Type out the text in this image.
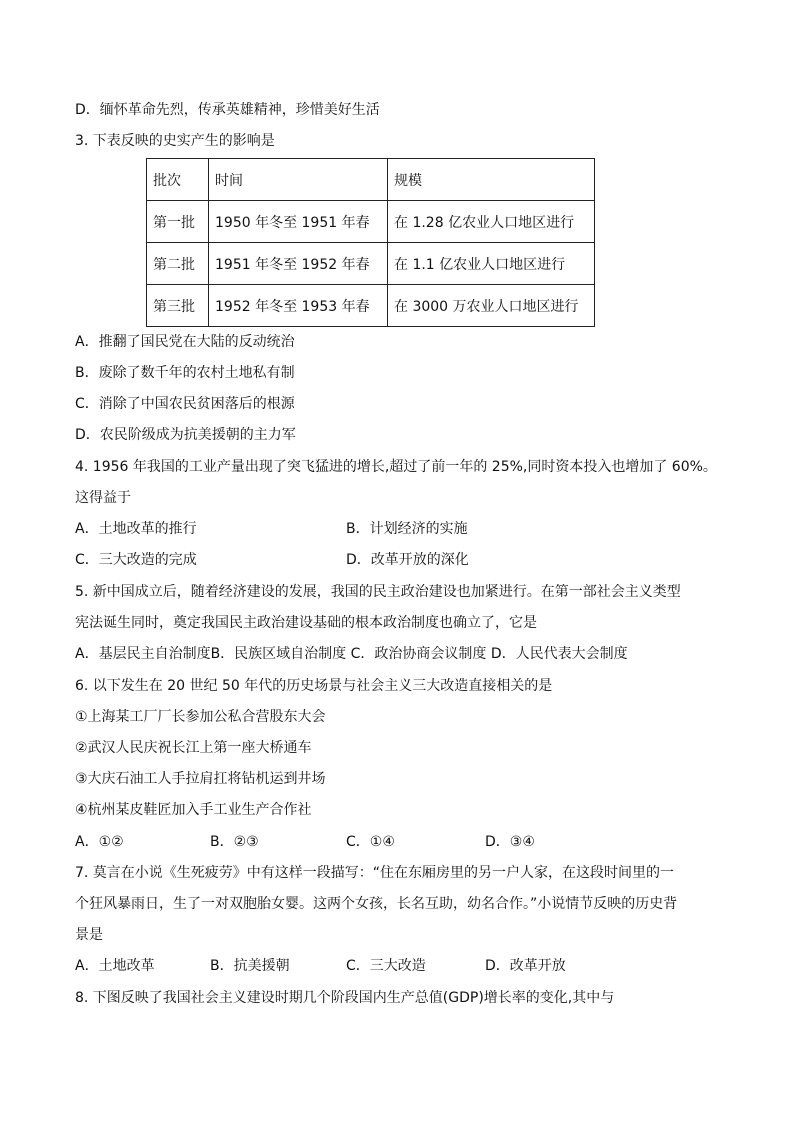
D．缅怀革命先烈，传承英雄精神，珍惜美好生活
3. 下表反映的史实产生的影响是
批次	时间	规模
第一批	1950 年冬至 1951 年春	在 1.28 亿农业人口地区进行
第二批	1951 年冬至 1952 年春	在 1.1 亿农业人口地区进行
第三批	1952 年冬至 1953 年春	在 3000 万农业人口地区进行
A．推翻了国民党在大陆的反动统治
B．废除了数千年的农村土地私有制
C．消除了中国农民贫困落后的根源
D．农民阶级成为抗美援朝的主力军
4. 1956 年我国的工业产量出现了突飞猛进的增长,超过了前一年的 25%,同时资本投入也增加了 60%。
这得益于
A．土地改革的推行	B．计划经济的实施
C．三大改造的完成	D．改革开放的深化
5. 新中国成立后，随着经济建设的发展，我国的民主政治建设也加紧进行。在第一部社会主义类型
宪法诞生同时，奠定我国民主政治建设基础的根本政治制度也确立了，它是
A．基层民主自治制度B．民族区域自治制度 C．政治协商会议制度 D．人民代表大会制度
6. 以下发生在 20 世纪 50 年代的历史场景与社会主义三大改造直接相关的是
①上海某工厂厂长参加公私合营股东大会
②武汉人民庆祝长江上第一座大桥通车
③大庆石油工人手拉肩扛将钻机运到井场
④杭州某皮鞋匠加入手工业生产合作社
A．①②	B．②③	C．①④	D．③④
7. 莫言在小说《生死疲劳》中有这样一段描写：“住在东厢房里的另一户人家，在这段时间里的一
个狂风暴雨日，生了一对双胞胎女婴。这两个女孩，长名互助，幼名合作。”小说情节反映的历史背
景是
A．土地改革	B．抗美援朝	C．三大改造	D．改革开放
8. 下图反映了我国社会主义建设时期几个阶段国内生产总值(GDP)增长率的变化,其中与
